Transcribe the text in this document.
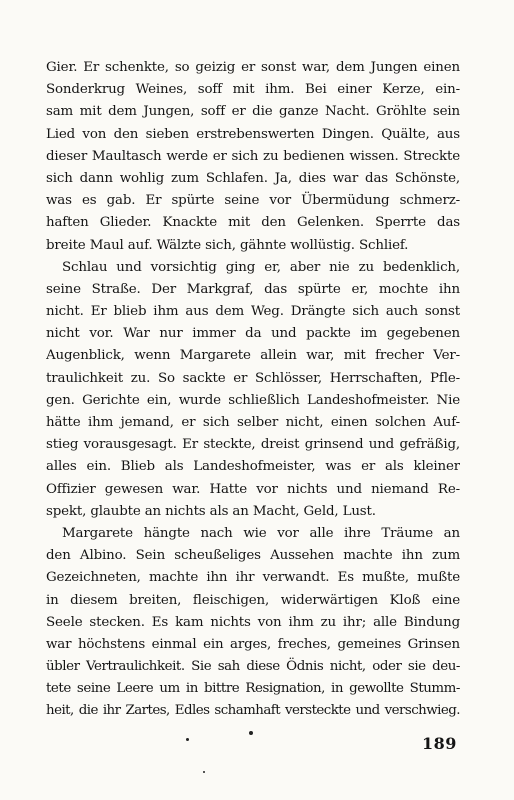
Gier. Er schenkte, so geizig er sonst war, dem Jungen einen
Sonderkrug Weines, soff mit ihm. Bei einer Kerze, ein-
sam mit dem Jungen, soff er die ganze Nacht. Gröhlte sein
Lied von den sieben erstrebenswerten Dingen. Quälte, aus
dieser Maultasch werde er sich zu bedienen wissen. Streckte
sich dann wohlig zum Schlafen. Ja, dies war das Schönste,
was es gab. Er spürte seine vor Übermüdung schmerz-
haften Glieder. Knackte mit den Gelenken. Sperrte das
breite Maul auf. Wälzte sich, gähnte wollüstig. Schlief.
Schlau und vorsichtig ging er, aber nie zu bedenklich,
seine Straße. Der Markgraf, das spürte er, mochte ihn
nicht. Er blieb ihm aus dem Weg. Drängte sich auch sonst
nicht vor. War nur immer da und packte im gegebenen
Augenblick, wenn Margarete allein war, mit frecher Ver-
traulichkeit zu. So sackte er Schlösser, Herrschaften, Pfle-
gen. Gerichte ein, wurde schließlich Landeshofmeister. Nie
hätte ihm jemand, er sich selber nicht, einen solchen Auf-
stieg vorausgesagt. Er steckte, dreist grinsend und gefräßig,
alles ein. Blieb als Landeshofmeister, was er als kleiner
Offizier gewesen war. Hatte vor nichts und niemand Re-
spekt, glaubte an nichts als an Macht, Geld, Lust.
Margarete hängte nach wie vor alle ihre Träume an
den Albino. Sein scheußeliges Aussehen machte ihn zum
Gezeichneten, machte ihn ihr verwandt. Es mußte, mußte
in diesem breiten, fleischigen, widerwärtigen Kloß eine
Seele stecken. Es kam nichts von ihm zu ihr; alle Bindung
war höchstens einmal ein arges, freches, gemeines Grinsen
übler Vertraulichkeit. Sie sah diese Ödnis nicht, oder sie deu-
tete seine Leere um in bittre Resignation, in gewollte Stumm-
heit, die ihr Zartes, Edles schamhaft versteckte und verschwieg.
189
